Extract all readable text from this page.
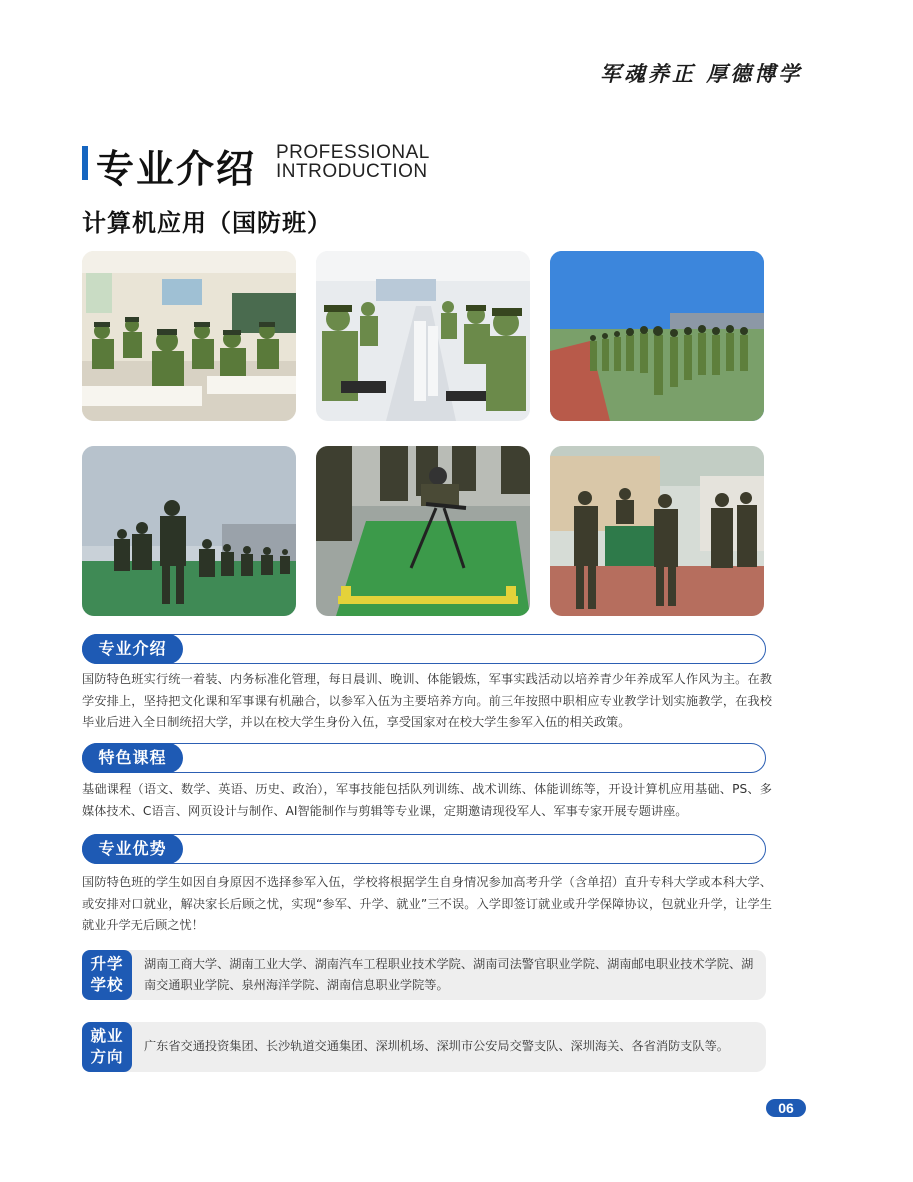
军魂养正 厚德博学
专业介绍 PROFESSIONAL
INTRODUCTION
计算机应用（国防班）
专业介绍
国防特色班实行统一着装、内务标准化管理，每日晨训、晚训、体能锻炼，军事实践活动以培养青少年养成军人作风为主。在教学安排上，坚持把文化课和军事课有机融合，以参军入伍为主要培养方向。前三年按照中职相应专业教学计划实施教学，在我校毕业后进入全日制统招大学，并以在校大学生身份入伍，享受国家对在校大学生参军入伍的相关政策。
特色课程
基础课程（语文、数学、英语、历史、政治），军事技能包括队列训练、战术训练、体能训练等，开设计算机应用基础、PS、多媒体技术、C语言、网页设计与制作、AI智能制作与剪辑等专业课，定期邀请现役军人、军事专家开展专题讲座。
专业优势
国防特色班的学生如因自身原因不选择参军入伍，学校将根据学生自身情况参加高考升学（含单招）直升专科大学或本科大学、或安排对口就业，解决家长后顾之忧，实现“参军、升学、就业”三不误。入学即签订就业或升学保障协议，包就业升学，让学生就业升学无后顾之忧！
升学
学校
湖南工商大学、湖南工业大学、湖南汽车工程职业技术学院、湖南司法警官职业学院、湖南邮电职业技术学院、湖南交通职业学院、泉州海洋学院、湖南信息职业学院等。
就业
方向
广东省交通投资集团、长沙轨道交通集团、深圳机场、深圳市公安局交警支队、深圳海关、各省消防支队等。
06
